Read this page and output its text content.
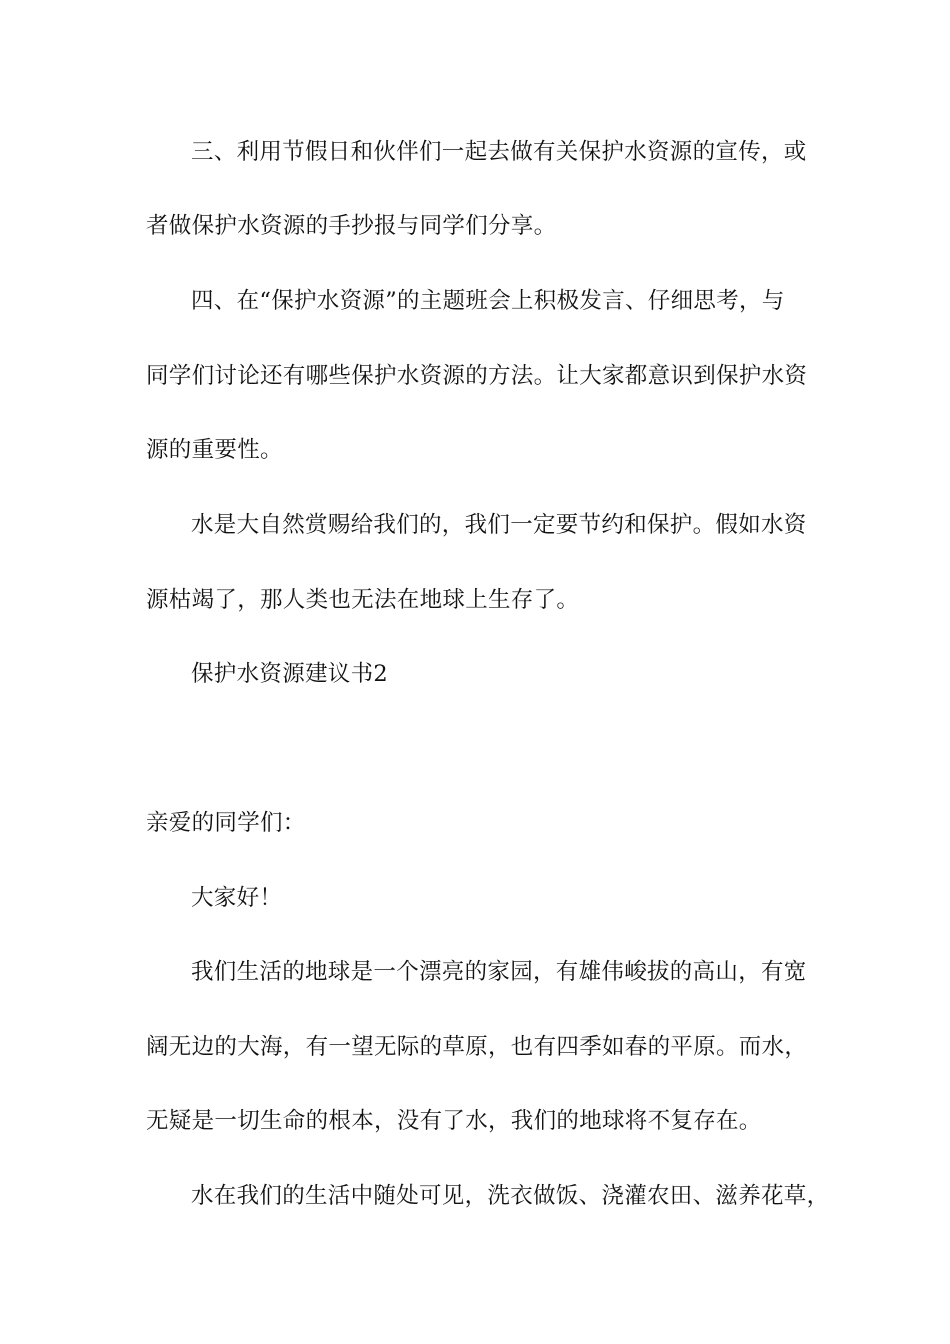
三、利用节假日和伙伴们一起去做有关保护水资源的宣传，或
者做保护水资源的手抄报与同学们分享。
四、在“保护水资源”的主题班会上积极发言、仔细思考，与
同学们讨论还有哪些保护水资源的方法。让大家都意识到保护水资
源的重要性。
水是大自然赏赐给我们的，我们一定要节约和保护。假如水资
源枯竭了，那人类也无法在地球上生存了。
保护水资源建议书2
亲爱的同学们：
大家好！
我们生活的地球是一个漂亮的家园，有雄伟峻拔的高山，有宽
阔无边的大海，有一望无际的草原，也有四季如春的平原。而水，
无疑是一切生命的根本，没有了水，我们的地球将不复存在。
水在我们的生活中随处可见，洗衣做饭、浇灌农田、滋养花草，
